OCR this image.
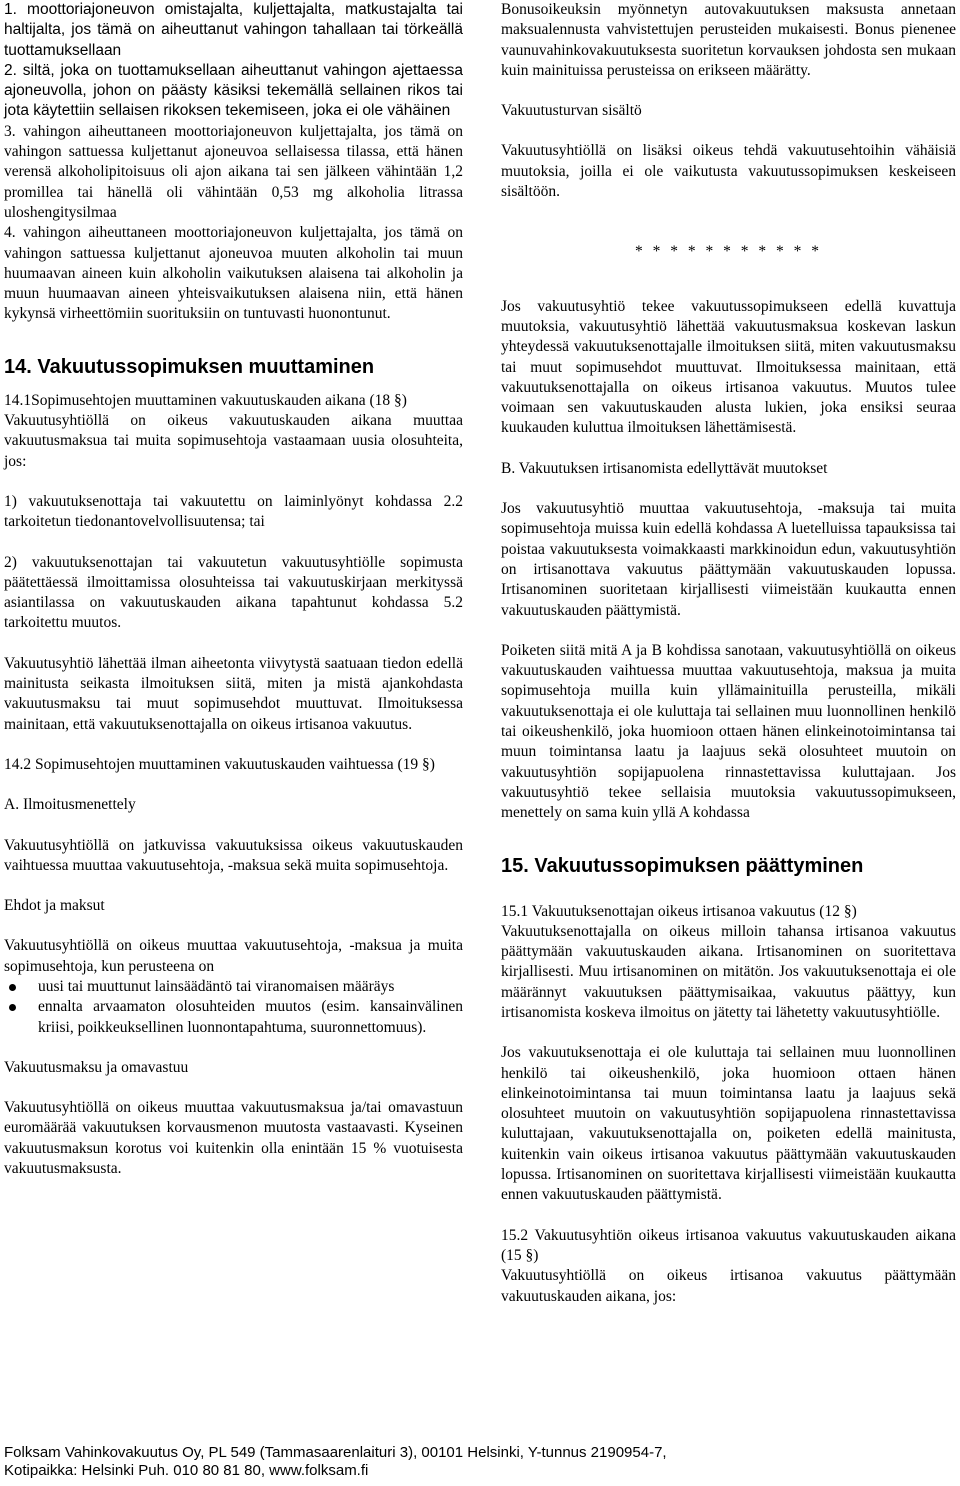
1. moottoriajoneuvon omistajalta, kuljettajalta, matkustajalta tai haltijalta, jos tämä on aiheuttanut vahingon tahallaan tai törkeällä tuottamuksellaan

2. siltä, joka on tuottamuksellaan aiheuttanut vahingon ajettaessa ajoneuvolla, johon on päästy käsiksi tekemällä sellainen rikos tai jota käytettiin sellaisen rikoksen tekemiseen, joka ei ole vähäinen

3. vahingon aiheuttaneen moottoriajoneuvon kuljettajalta, jos tämä on vahingon sattuessa kuljettanut ajoneuvoa sellaisessa tilassa, että hänen verensä alkoholipitoisuus oli ajon aikana tai sen jälkeen vähintään 1,2 promillea tai hänellä oli vähintään 0,53 mg alkoholia litrassa uloshengitysilmaa

4. vahingon aiheuttaneen moottoriajoneuvon kuljettajalta, jos tämä on vahingon sattuessa kuljettanut ajoneuvoa muuten alkoholin tai muun huumaavan aineen kuin alkoholin vaikutuksen alaisena tai alkoholin ja muun huumaavan aineen yhteisvaikutuksen alaisena niin, että hänen kykynsä virheettömiin suorituksiin on tuntuvasti huonontunut.

14. Vakuutussopimuksen muuttaminen

14.1Sopimusehtojen muuttaminen vakuutuskauden aikana (18 §)

Vakuutusyhtiöllä on oikeus vakuutuskauden aikana muuttaa vakuutusmaksua tai muita sopimusehtoja vastaamaan uusia olosuhteita, jos:

1) vakuutuksenottaja tai vakuutettu on laiminlyönyt kohdassa 2.2 tarkoitetun tiedonantovelvollisuutensa; tai

2) vakuutuksenottajan tai vakuutetun vakuutusyhtiölle sopimusta päätettäessä ilmoittamissa olosuhteissa tai vakuutuskirjaan merkityssä asiantilassa on vakuutuskauden aikana tapahtunut kohdassa 5.2 tarkoitettu muutos.

Vakuutusyhtiö lähettää ilman aiheetonta viivytystä saatuaan tiedon edellä mainitusta seikasta ilmoituksen siitä, miten ja mistä ajankohdasta vakuutusmaksu tai muut sopimusehdot muuttuvat. Ilmoituksessa mainitaan, että vakuutuksenottajalla on oikeus irtisanoa vakuutus.

14.2 Sopimusehtojen muuttaminen vakuutuskauden vaihtuessa (19 §)

A. Ilmoitusmenettely

Vakuutusyhtiöllä on jatkuvissa vakuutuksissa oikeus vakuutuskauden vaihtuessa muuttaa vakuutusehtoja, -maksua sekä muita sopimusehtoja.

Ehdot ja maksut

Vakuutusyhtiöllä on oikeus muuttaa vakuutusehtoja, -maksua ja muita sopimusehtoja, kun perusteena on

uusi tai muuttunut lainsäädäntö tai viranomaisen määräys
ennalta arvaamaton olosuhteiden muutos (esim. kansainvälinen kriisi, poikkeuksellinen luonnontapahtuma, suuronnettomuus).

Vakuutusmaksu ja omavastuu

Vakuutusyhtiöllä on oikeus muuttaa vakuutusmaksua ja/tai omavastuun euromäärää vakuutuksen korvausmenon muutosta vastaavasti. Kyseinen vakuutusmaksun korotus voi kuitenkin olla enintään 15 % vuotuisesta vakuutusmaksusta.

Bonusoikeuksin myönnetyn autovakuutuksen maksusta annetaan maksualennusta vahvistettujen perusteiden mukaisesti. Bonus pienenee vaunuvahinkovakuutuksesta suoritetun korvauksen johdosta sen mukaan kuin mainituissa perusteissa on erikseen määrätty.

Vakuutusturvan sisältö

Vakuutusyhtiöllä on lisäksi oikeus tehdä vakuutusehtoihin vähäisiä muutoksia, joilla ei ole vaikutusta vakuutussopimuksen keskeiseen sisältöön.

* * * * * * * * * * *

Jos vakuutusyhtiö tekee vakuutussopimukseen edellä kuvattuja muutoksia, vakuutusyhtiö lähettää vakuutusmaksua koskevan laskun yhteydessä vakuutuksenottajalle ilmoituksen siitä, miten vakuutusmaksu tai muut sopimusehdot muuttuvat. Ilmoituksessa mainitaan, että vakuutuksenottajalla on oikeus irtisanoa vakuutus. Muutos tulee voimaan sen vakuutuskauden alusta lukien, joka ensiksi seuraa kuukauden kuluttua ilmoituksen lähettämisestä.

B. Vakuutuksen irtisanomista edellyttävät muutokset

Jos vakuutusyhtiö muuttaa vakuutusehtoja, -maksuja tai muita sopimusehtoja muissa kuin edellä kohdassa A luetelluissa tapauksissa tai poistaa vakuutuksesta voimakkaasti markkinoidun edun, vakuutusyhtiön on irtisanottava vakuutus päättymään vakuutuskauden lopussa. Irtisanominen suoritetaan kirjallisesti viimeistään kuukautta ennen vakuutuskauden päättymistä.

Poiketen siitä mitä A ja B kohdissa sanotaan, vakuutusyhtiöllä on oikeus vakuutuskauden vaihtuessa muuttaa vakuutusehtoja, maksua ja muita sopimusehtoja muilla kuin yllämainituilla perusteilla, mikäli vakuutuksenottaja ei ole kuluttaja tai sellainen muu luonnollinen henkilö tai oikeushenkilö, joka huomioon ottaen hänen elinkeinotoimintansa tai muun toimintansa laatu ja laajuus sekä olosuhteet muutoin on vakuutusyhtiön sopijapuolena rinnastettavissa kuluttajaan. Jos vakuutusyhtiö tekee sellaisia muutoksia vakuutussopimukseen, menettely on sama kuin yllä A kohdassa

15. Vakuutussopimuksen päättyminen

15.1 Vakuutuksenottajan oikeus irtisanoa vakuutus (12 §)

Vakuutuksenottajalla on oikeus milloin tahansa irtisanoa vakuutus päättymään vakuutuskauden aikana. Irtisanominen on suoritettava kirjallisesti. Muu irtisanominen on mitätön. Jos vakuutuksenottaja ei ole määrännyt vakuutuksen päättymisaikaa, vakuutus päättyy, kun irtisanomista koskeva ilmoitus on jätetty tai lähetetty vakuutusyhtiölle.

Jos vakuutuksenottaja ei ole kuluttaja tai sellainen muu luonnollinen henkilö tai oikeushenkilö, joka huomioon ottaen hänen elinkeinotoimintansa tai muun toimintansa laatu ja laajuus sekä olosuhteet muutoin on vakuutusyhtiön sopijapuolena rinnastettavissa kuluttajaan, vakuutuksenottajalla on, poiketen edellä mainitusta, kuitenkin vain oikeus irtisanoa vakuutus päättymään vakuutuskauden lopussa. Irtisanominen on suoritettava kirjallisesti viimeistään kuukautta ennen vakuutuskauden päättymistä.

15.2 Vakuutusyhtiön oikeus irtisanoa vakuutus vakuutuskauden aikana (15 §)

Vakuutusyhtiöllä on oikeus irtisanoa vakuutus päättymään vakuutuskauden aikana, jos:

Folksam Vahinkovakuutus Oy, PL 549 (Tammasaarenlaituri 3), 00101 Helsinki, Y-tunnus 2190954-7,
Kotipaikka: Helsinki Puh. 010 80 81 80, www.folksam.fi
